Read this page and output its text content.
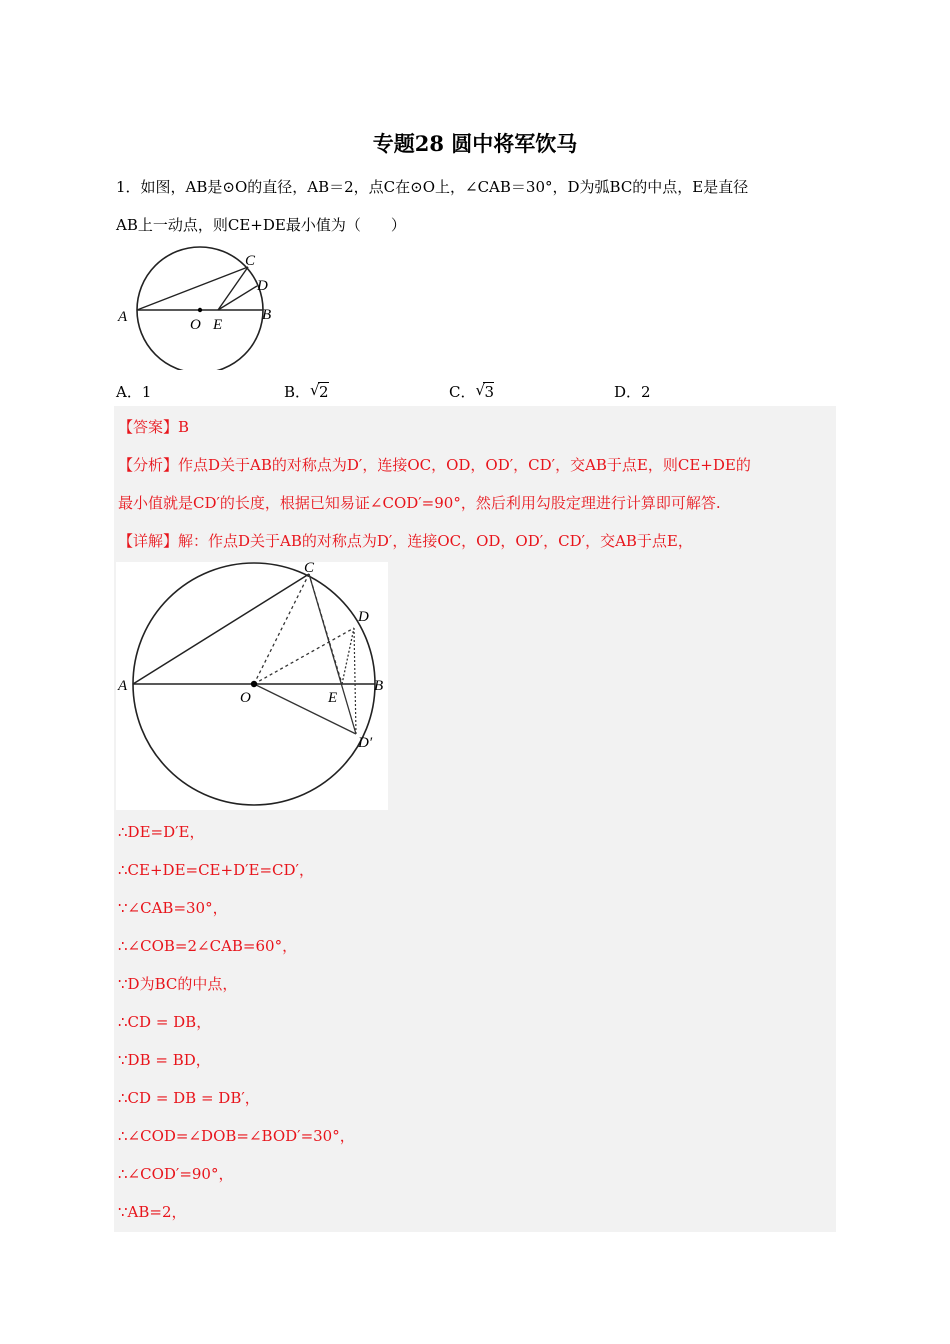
专题28 圆中将军饮马
1．如图，AB是⊙O的直径，AB＝2，点C在⊙O上，∠CAB＝30°，D为弧BC的中点，E是直径
AB上一动点，则CE+DE最小值为（　　）
A	B
C
D
O E
A．1	B． √ 2	C． √ 3	D．2
【答案】B
【分析】作点D关于AB的对称点为D′，连接OC，OD，OD′，CD′，交AB于点E，则CE+DE的
最小值就是CD′的长度，根据已知易证∠COD′=90°，然后利用勾股定理进行计算即可解答.
【详解】解：作点D关于AB的对称点为D′，连接OC，OD，OD′，CD′，交AB于点E，
A	B
C
D
O	E
D′
∴DE=D′E，
∴CE+DE=CE+D′E=CD′，
∵∠CAB=30°，
∴∠COB=2∠CAB=60°，
∵D为BC的中点，
∴CD = DB，
∵DB = BD，
∴CD = DB = DB′，
∴∠COD=∠DOB=∠BOD′=30°，
∴∠COD′=90°，
∵AB=2，
